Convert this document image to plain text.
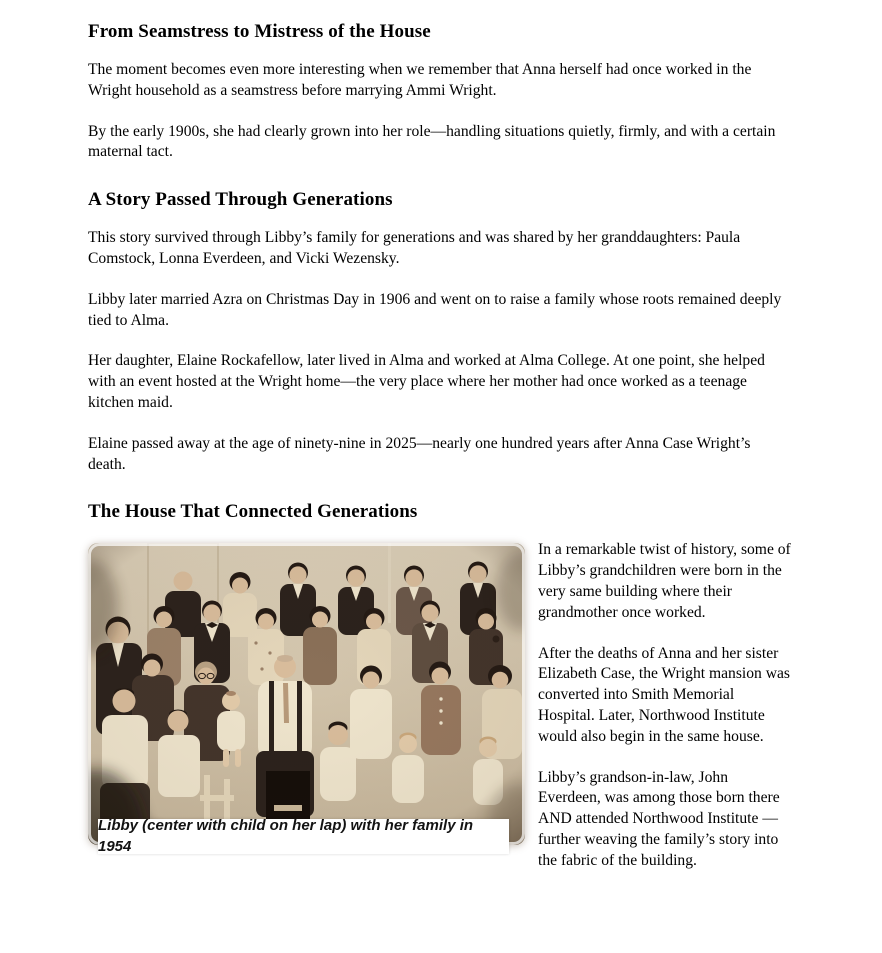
From Seamstress to Mistress of the House

The moment becomes even more interesting when we remember that Anna herself had once worked in the Wright household as a seamstress before marrying Ammi Wright.

By the early 1900s, she had clearly grown into her role—handling situations quietly, firmly, and with a certain maternal tact.

A Story Passed Through Generations

This story survived through Libby’s family for generations and was shared by her granddaughters: Paula Comstock, Lonna Everdeen, and Vicki Wezensky.

Libby later married Azra on Christmas Day in 1906 and went on to raise a family whose roots remained deeply tied to Alma.

Her daughter, Elaine Rockafellow, later lived in Alma and worked at Alma College. At one point, she helped with an event hosted at the Wright home—the very place where her mother had once worked as a teenage kitchen maid.

Elaine passed away at the age of ninety-nine in 2025—nearly one hundred years after Anna Case Wright’s death.

The House That Connected Generations
Libby (center with child on her lap) with her family in 1954

In a remarkable twist of history, some of Libby’s grandchildren were born in the very same building where their grandmother once worked.

After the deaths of Anna and her sister Elizabeth Case, the Wright mansion was converted into Smith Memorial Hospital. Later, Northwood Institute would also begin in the same house.

Libby’s grandson-in-law, John Everdeen, was among those born there AND attended Northwood Institute — further weaving the family’s story into the fabric of the building.
